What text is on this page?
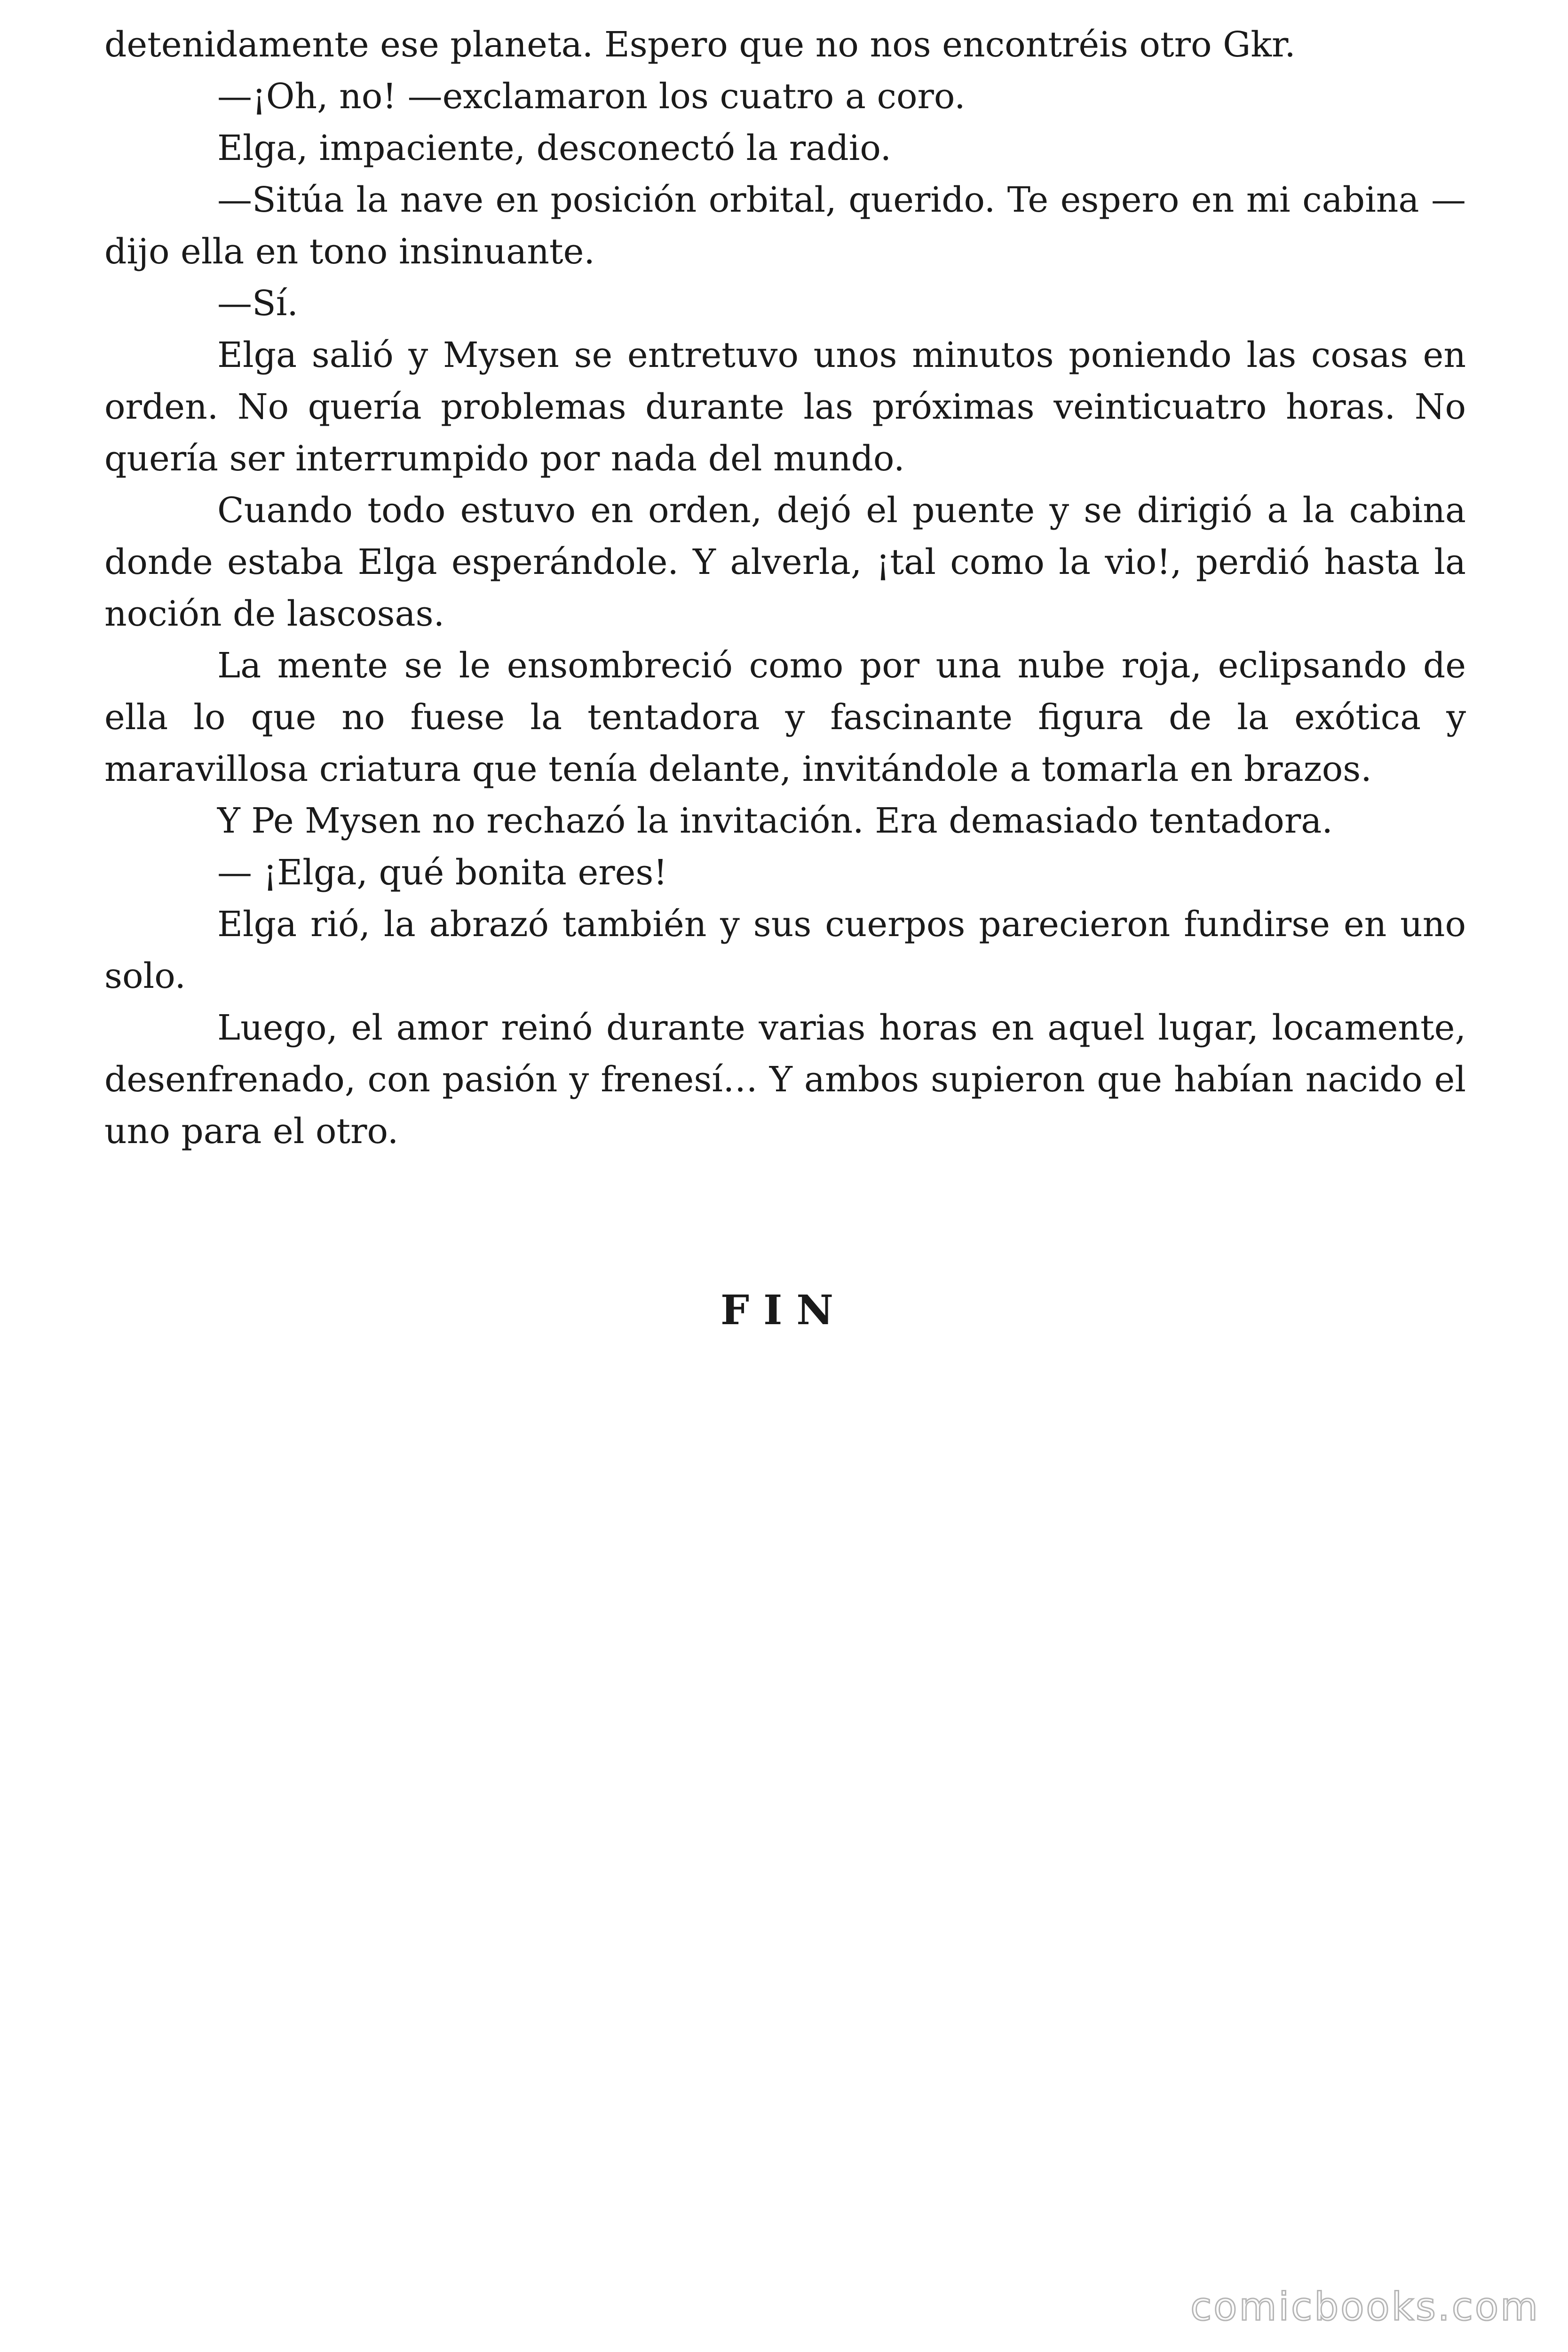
detenidamente ese planeta. Espero que no nos encontréis otro Gkr.

—¡Oh, no! —exclamaron los cuatro a coro.

Elga, impaciente, desconectó la radio.

—Sitúa la nave en posición orbital, querido. Te espero en mi cabina —dijo ella en tono insinuante.

—Sí.

Elga salió y Mysen se entretuvo unos minutos poniendo las cosas en orden. No quería problemas durante las próximas veinticuatro horas. No quería ser interrumpido por nada del mundo.

Cuando todo estuvo en orden, dejó el puente y se dirigió a la cabina donde estaba Elga esperándole. Y alverla, ¡tal como la vio!, perdió hasta la noción de lascosas.

La mente se le ensombreció como por una nube roja, eclipsando de ella lo que no fuese la tentadora y fascinante figura de la exótica y maravillosa criatura que tenía delante, invitándole a tomarla en brazos.

Y Pe Mysen no rechazó la invitación. Era demasiado tentadora.

— ¡Elga, qué bonita eres!

Elga rió, la abrazó también y sus cuerpos parecieron fundirse en uno solo.

Luego, el amor reinó durante varias horas en aquel lugar, locamente, desenfrenado, con pasión y frenesí… Y ambos supieron que habían nacido el uno para el otro.

FIN
comicbooks.com
